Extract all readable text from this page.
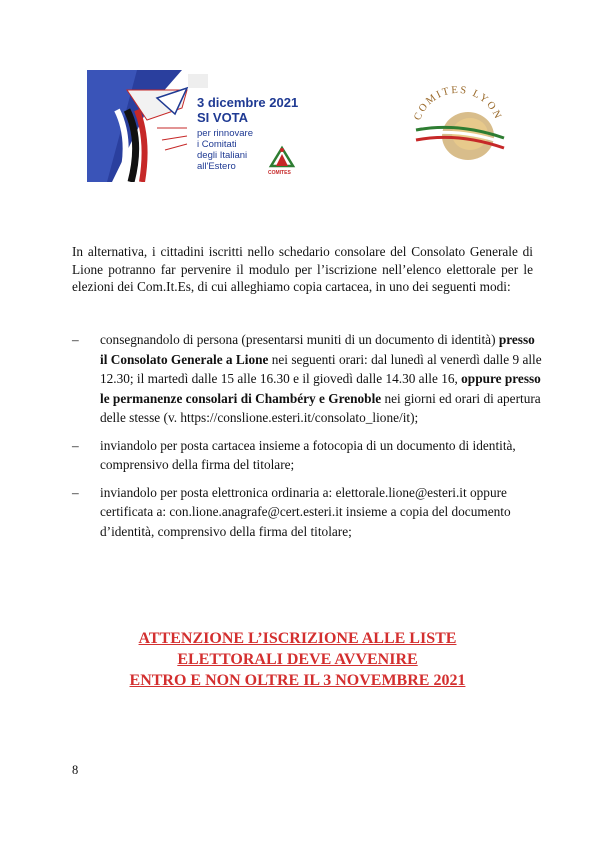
3 dicembre 2021
SI VOTA
per rinnovare
i Comitati
degli Italiani
all'Estero
COMITES
COMITES LYON
In alternativa, i cittadini iscritti nello schedario consolare del Consolato Generale di Lione potranno far pervenire il modulo per l’iscrizione nell’elenco elettorale per le elezioni dei Com.It.Es, di cui alleghiamo copia cartacea, in uno dei seguenti modi:
– consegnandolo di persona (presentarsi muniti di un documento di identità) presso il Consolato Generale a Lione nei seguenti orari: dal lunedì al venerdì dalle 9 alle 12.30; il martedì dalle 15 alle 16.30 e il giovedì dalle 14.30 alle 16, oppure presso le permanenze consolari di Chambéry e Grenoble nei giorni ed orari di apertura delle stesse (v. https://conslione.esteri.it/consolato_lione/it);
– inviandolo per posta cartacea insieme a fotocopia di un documento di identità, comprensivo della firma del titolare;
– inviandolo per posta elettronica ordinaria a: elettorale.lione@esteri.it oppure certificata a: con.lione.anagrafe@cert.esteri.it insieme a copia del documento d’identità, comprensivo della firma del titolare;
ATTENZIONE L’ISCRIZIONE ALLE LISTE
ELETTORALI DEVE AVVENIRE
ENTRO E NON OLTRE IL 3 NOVEMBRE 2021
8
